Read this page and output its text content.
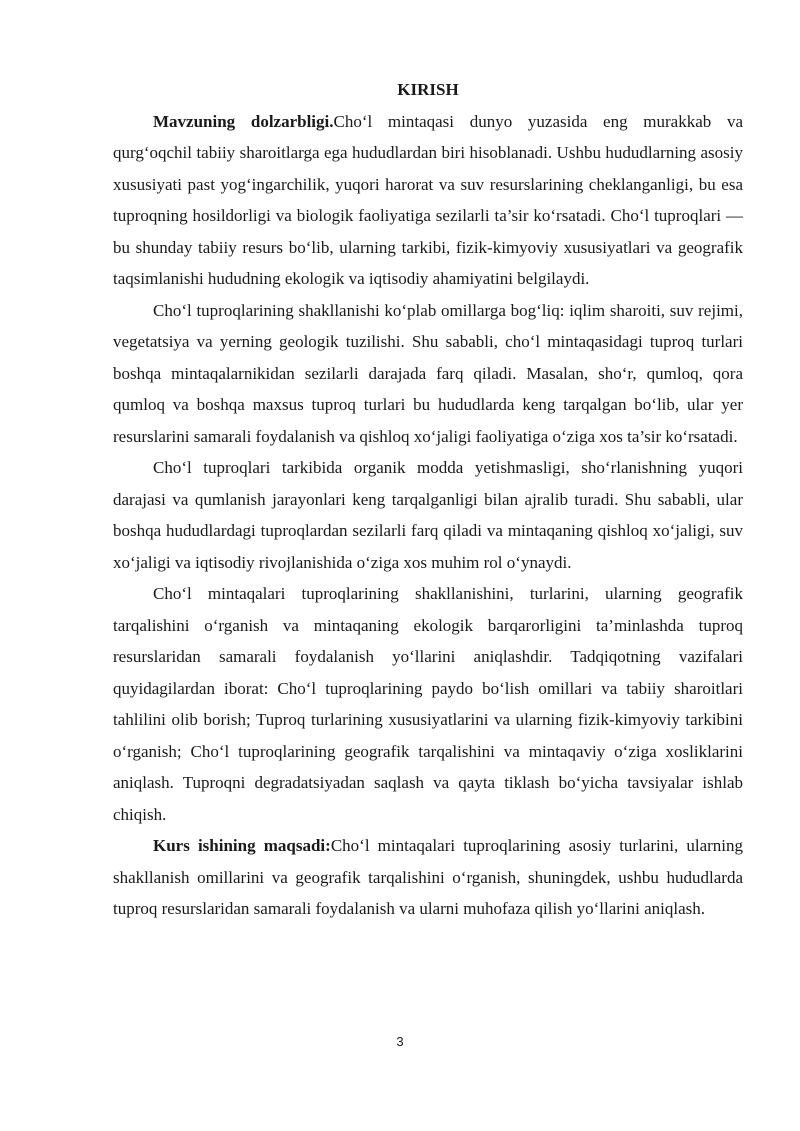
KIRISH

Mavzuning dolzarbligi.Cho‘l mintaqasi dunyo yuzasida eng murakkab va qurg‘oqchil tabiiy sharoitlarga ega hududlardan biri hisoblanadi. Ushbu hududlarning asosiy xususiyati past yog‘ingarchilik, yuqori harorat va suv resurslarining cheklanganligi, bu esa tuproqning hosildorligi va biologik faoliyatiga sezilarli ta’sir ko‘rsatadi. Cho‘l tuproqlari — bu shunday tabiiy resurs bo‘lib, ularning tarkibi, fizik-kimyoviy xususiyatlari va geografik taqsimlanishi hududning ekologik va iqtisodiy ahamiyatini belgilaydi.

Cho‘l tuproqlarining shakllanishi ko‘plab omillarga bog‘liq: iqlim sharoiti, suv rejimi, vegetatsiya va yerning geologik tuzilishi. Shu sababli, cho‘l mintaqasidagi tuproq turlari boshqa mintaqalarnikidan sezilarli darajada farq qiladi. Masalan, sho‘r, qumloq, qora qumloq va boshqa maxsus tuproq turlari bu hududlarda keng tarqalgan bo‘lib, ular yer resurslarini samarali foydalanish va qishloq xo‘jaligi faoliyatiga o‘ziga xos ta’sir ko‘rsatadi.

Cho‘l tuproqlari tarkibida organik modda yetishmasligi, sho‘rlanishning yuqori darajasi va qumlanish jarayonlari keng tarqalganligi bilan ajralib turadi. Shu sababli, ular boshqa hududlardagi tuproqlardan sezilarli farq qiladi va mintaqaning qishloq xo‘jaligi, suv xo‘jaligi va iqtisodiy rivojlanishida o‘ziga xos muhim rol o‘ynaydi.

Cho‘l mintaqalari tuproqlarining shakllanishini, turlarini, ularning geografik tarqalishini o‘rganish va mintaqaning ekologik barqarorligini ta’minlashda tuproq resurslaridan samarali foydalanish yo‘llarini aniqlashdir. Tadqiqotning vazifalari quyidagilardan iborat: Cho‘l tuproqlarining paydo bo‘lish omillari va tabiiy sharoitlari tahlilini olib borish; Tuproq turlarining xususiyatlarini va ularning fizik-kimyoviy tarkibini o‘rganish; Cho‘l tuproqlarining geografik tarqalishini va mintaqaviy o‘ziga xosliklarini aniqlash. Tuproqni degradatsiyadan saqlash va qayta tiklash bo‘yicha tavsiyalar ishlab chiqish.

Kurs ishining maqsadi:Cho‘l mintaqalari tuproqlarining asosiy turlarini, ularning shakllanish omillarini va geografik tarqalishini o‘rganish, shuningdek, ushbu hududlarda tuproq resurslaridan samarali foydalanish va ularni muhofaza qilish yo‘llarini aniqlash.

3
